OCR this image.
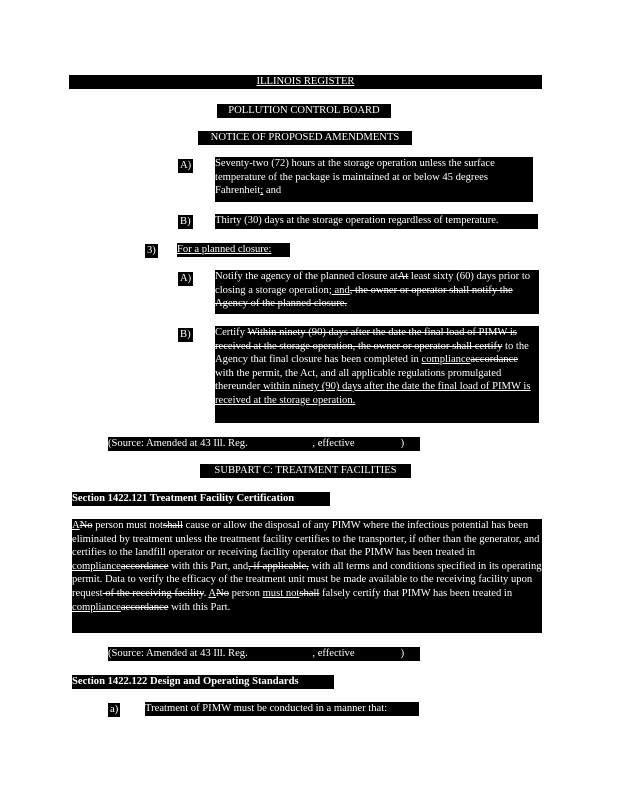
ILLINOIS REGISTER
POLLUTION CONTROL BOARD
NOTICE OF PROPOSED AMENDMENTS
A) Seventy-two (72) hours at the storage operation unless the surface temperature of the package is maintained at or below 45 degrees Fahrenheit; and
B) Thirty (30) days at the storage operation regardless of temperature.
3) For a planned closure:
A) Notify the agency of the planned closure atAt least sixty (60) days prior to closing a storage operation; and, the owner or operator shall notify the Agency of the planned closure.
B) Certify Within ninety (90) days after the date the final load of PIMW is received at the storage operation, the owner or operator shall certify to the Agency that final closure has been completed in complianceaccordance with the permit, the Act, and all applicable regulations promulgated thereunder within ninety (90) days after the date the final load of PIMW is received at the storage operation.
(Source: Amended at 43 Ill. Reg.	, effective	)
SUBPART C: TREATMENT FACILITIES
Section 1422.121 Treatment Facility Certification
ANo person must notshall cause or allow the disposal of any PIMW where the infectious potential has been eliminated by treatment unless the treatment facility certifies to the transporter, if other than the generator, and certifies to the landfill operator or receiving facility operator that the PIMW has been treated in complianceaccordance with this Part, and, if applicable, with all terms and conditions specified in its operating permit. Data to verify the efficacy of the treatment unit must be made available to the receiving facility upon request of the receiving facility. ANo person must notshall falsely certify that PIMW has been treated in complianceaccordance with this Part.
(Source: Amended at 43 Ill. Reg.	, effective	)
Section 1422.122 Design and Operating Standards
a)	Treatment of PIMW must be conducted in a manner that:
